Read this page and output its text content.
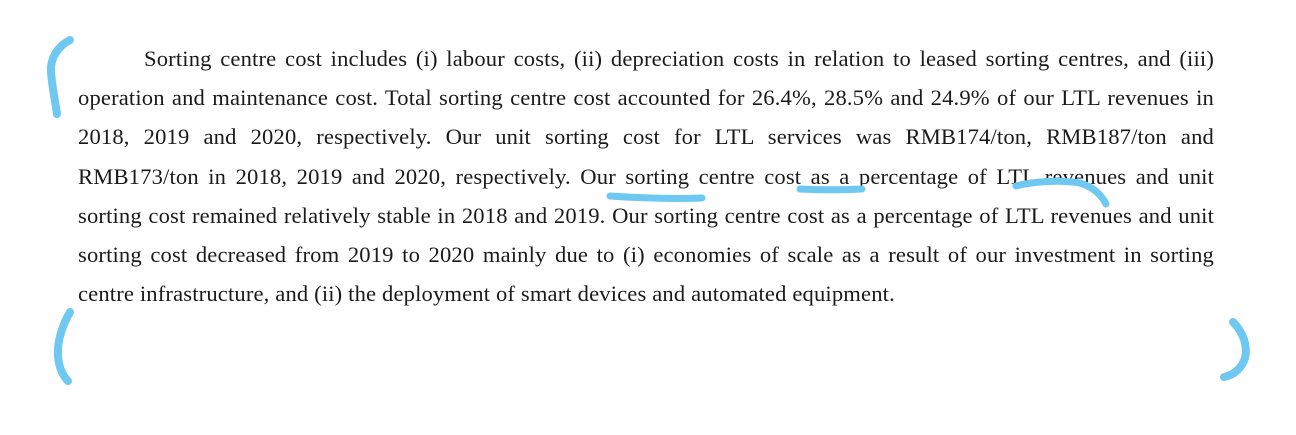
Sorting centre cost includes (i) labour costs, (ii) depreciation costs in relation to leased sorting centres, and (iii) operation and maintenance cost. Total sorting centre cost accounted for 26.4%, 28.5% and 24.9% of our LTL revenues in 2018, 2019 and 2020, respectively. Our unit sorting cost for LTL services was RMB174/ton, RMB187/ton and RMB173/ton in 2018, 2019 and 2020, respectively. Our sorting centre cost as a percentage of LTL revenues and unit sorting cost remained relatively stable in 2018 and 2019. Our sorting centre cost as a percentage of LTL revenues and unit sorting cost decreased from 2019 to 2020 mainly due to (i) economies of scale as a result of our investment in sorting centre infrastructure, and (ii) the deployment of smart devices and automated equipment.
